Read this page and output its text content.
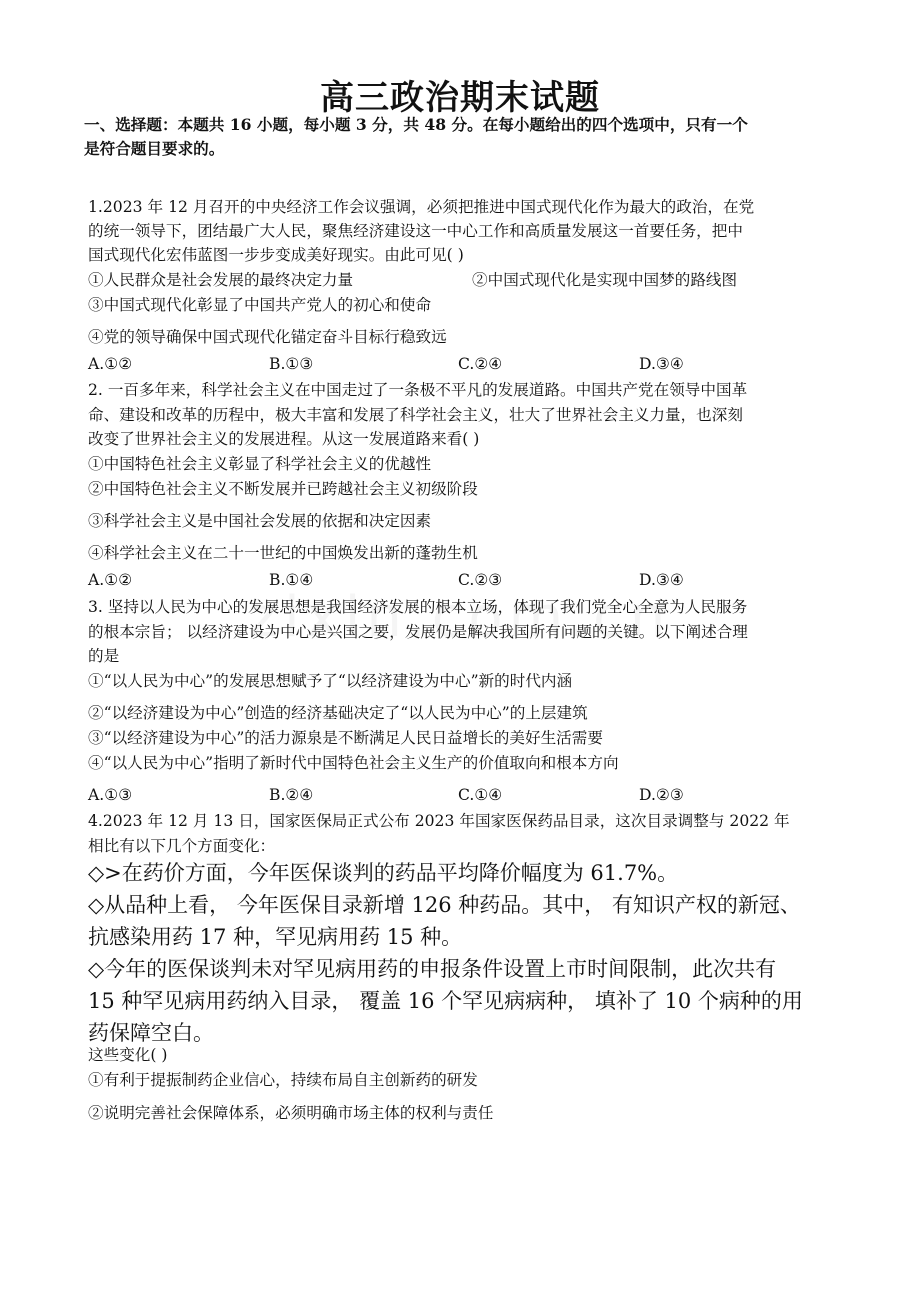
高三政治期末试题
一、选择题：本题共 16 小题，每小题 3 分，共 48 分。在每小题给出的四个选项中，只有一个
是符合题目要求的。
1.2023 年 12 月召开的中央经济工作会议强调，必须把推进中国式现代化作为最大的政治，在党
的统一领导下，团结最广大人民，聚焦经济建设这一中心工作和高质量发展这一首要任务，把中
国式现代化宏伟蓝图一步步变成美好现实。由此可见( )
①人民群众是社会发展的最终决定力量	②中国式现代化是实现中国梦的路线图
③中国式现代化彰显了中国共产党人的初心和使命
④党的领导确保中国式现代化锚定奋斗目标行稳致远
A.①②	B.①③	C.②④	D.③④
2. 一百多年来，科学社会主义在中国走过了一条极不平凡的发展道路。中国共产党在领导中国革
命、建设和改革的历程中，极大丰富和发展了科学社会主义，壮大了世界社会主义力量，也深刻
改变了世界社会主义的发展进程。从这一发展道路来看( )
①中国特色社会主义彰显了科学社会主义的优越性
②中国特色社会主义不断发展并已跨越社会主义初级阶段
③科学社会主义是中国社会发展的依据和决定因素
④科学社会主义在二十一世纪的中国焕发出新的蓬勃生机
A.①②	B.①④	C.②③	D.③④
3. 坚持以人民为中心的发展思想是我国经济发展的根本立场，体现了我们党全心全意为人民服务
的根本宗旨； 以经济建设为中心是兴国之要，发展仍是解决我国所有问题的关键。以下阐述合理
的是
①“以人民为中心”的发展思想赋予了“以经济建设为中心”新的时代内涵
②“以经济建设为中心”创造的经济基础决定了“以人民为中心”的上层建筑
③“以经济建设为中心”的活力源泉是不断满足人民日益增长的美好生活需要
④“以人民为中心”指明了新时代中国特色社会主义生产的价值取向和根本方向
A.①③	B.②④	C.①④	D.②③
4.2023 年 12 月 13 日，国家医保局正式公布 2023 年国家医保药品目录，这次目录调整与 2022 年
相比有以下几个方面变化：
◇>在药价方面，今年医保谈判的药品平均降价幅度为 61.7%。
◇从品种上看， 今年医保目录新增 126 种药品。其中， 有知识产权的新冠、
抗感染用药 17 种，罕见病用药 15 种。
◇今年的医保谈判未对罕见病用药的申报条件设置上市时间限制，此次共有
15 种罕见病用药纳入目录， 覆盖 16 个罕见病病种， 填补了 10 个病种的用
药保障空白。
这些变化( )
①有利于提振制药企业信心，持续布局自主创新药的研发
②说明完善社会保障体系，必须明确市场主体的权利与责任
